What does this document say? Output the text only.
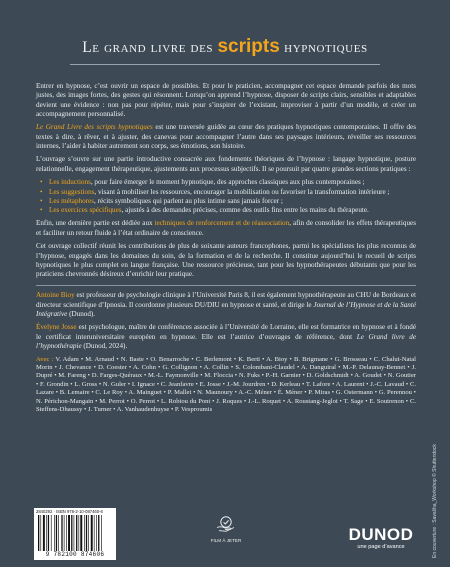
Le grand livre des scripts hypnotiques

Entrer en hypnose, c’est ouvrir un espace de possibles. Et pour le praticien, accompagner cet espace demande parfois des mots justes, des images fortes, des gestes qui résonnent. Lorsqu’on apprend l’hypnose, disposer de scripts clairs, sensibles et adaptables devient une évidence : non pas pour répéter, mais pour s’inspirer de l’existant, improviser à partir d’un modèle, et créer un accompagnement personnalisé.

Le Grand Livre des scripts hypnotiques est une traversée guidée au cœur des pratiques hypnotiques contemporaines. Il offre des textes à dire, à rêver, et à ajuster, des canevas pour accompagner l’autre dans ses paysages intérieurs, réveiller ses ressources internes, l’aider à habiter autrement son corps, ses émotions, son histoire.

L’ouvrage s’ouvre sur une partie introductive consacrée aux fondements théoriques de l’hypnose : langage hypnotique, posture relationnelle, engagement thérapeutique, ajustements aux processus subjectifs. Il se poursuit par quatre grandes sections pratiques :

• Les inductions, pour faire émerger le moment hypnotique, des approches classiques aux plus contemporaines ;
• Les suggestions, visant à mobiliser les ressources, encourager la mobilisation ou favoriser la transformation intérieure ;
• Les métaphores, récits symboliques qui parlent au plus intime sans jamais forcer ;
• Les exercices spécifiques, ajustés à des demandes précises, comme des outils fins entre les mains du thérapeute.

Enfin, une dernière partie est dédiée aux techniques de renforcement et de réassociation, afin de consolider les effets thérapeutiques et faciliter un retour fluide à l’état ordinaire de conscience.

Cet ouvrage collectif réunit les contributions de plus de soixante auteurs francophones, parmi les spécialistes les plus reconnus de l’hypnose, engagés dans les domaines du soin, de la formation et de la recherche. Il constitue aujourd’hui le recueil de scripts hypnotiques le plus complet en langue française. Une ressource précieuse, tant pour les hypnothérapeutes débutants que pour les praticiens chevronnés désireux d’enrichir leur pratique.

Antoine Bioy est professeur de psychologie clinique à l’Université Paris 8, il est également hypnothérapeute au CHU de Bordeaux et directeur scientifique d’Ipnosia. Il coordonne plusieurs DU/DIU en hypnose et santé, et dirige le Journal de l’Hypnose et de la Santé Intégrative (Dunod).

Évelyne Josse est psychologue, maître de conférences associée à l’Université de Lorraine, elle est formatrice en hypnose et à fondé le certificat interuniversitaire européen en hypnose. Elle est l’autrice d’ouvrages de référence, dont Le Grand livre de l’hypnothérapie (Dunod, 2024).

Avec : V. Adam • M. Arnaud • N. Baste • O. Benarroche • C. Berlemont • K. Berti • A. Bioy • B. Brigmane • G. Brosseau • C. Chalut-Natal Morin • J. Chevance • D. Coester • A. Cohn • G. Collignon • A. Collin • S. Colombani-Claudel • A. Danguiral • M.-P. Delaunay-Bennet • J. Dupré • M. Fareng • D. Farges-Quéraux • M.-L. Faymonville • M. Floccia • N. Fuks • P.-H. Garnier • D. Goldschmidt • A. Goudet • N. Goutier • F. Grondin • L. Gross • N. Guler • I. Ignace • C. Jeanfavre • E. Josse • J.-M. Jourdren • D. Kerleau • T. Lafore • A. Laurent • J.-C. Lavaud • C. Lazare • B. Lemaire • C. Le Roy • A. Mainguet • P. Mallet • N. Maunoury • A.-C. Méner • É. Méner • P. Miras • G. Ostermann • G. Perennou • N. Périchon-Mangain • M. Perrot • O. Perrot • L. Robiou du Pont • J. Roques • J.-L. Roquet • A. Roustang-Jeglot • T. Sage • E. Soutrenon • C. Steffens-Dhaussy • J. Turner • A. Vanhaudenhuyse • P. Vesproumis

2840292 · ISBN 978-2-10-087460-6
9 782100 874606
FILM À JETER	DUNOD
une page d’avance	En couverture : Savaliha_Workshop © Shutterstock
